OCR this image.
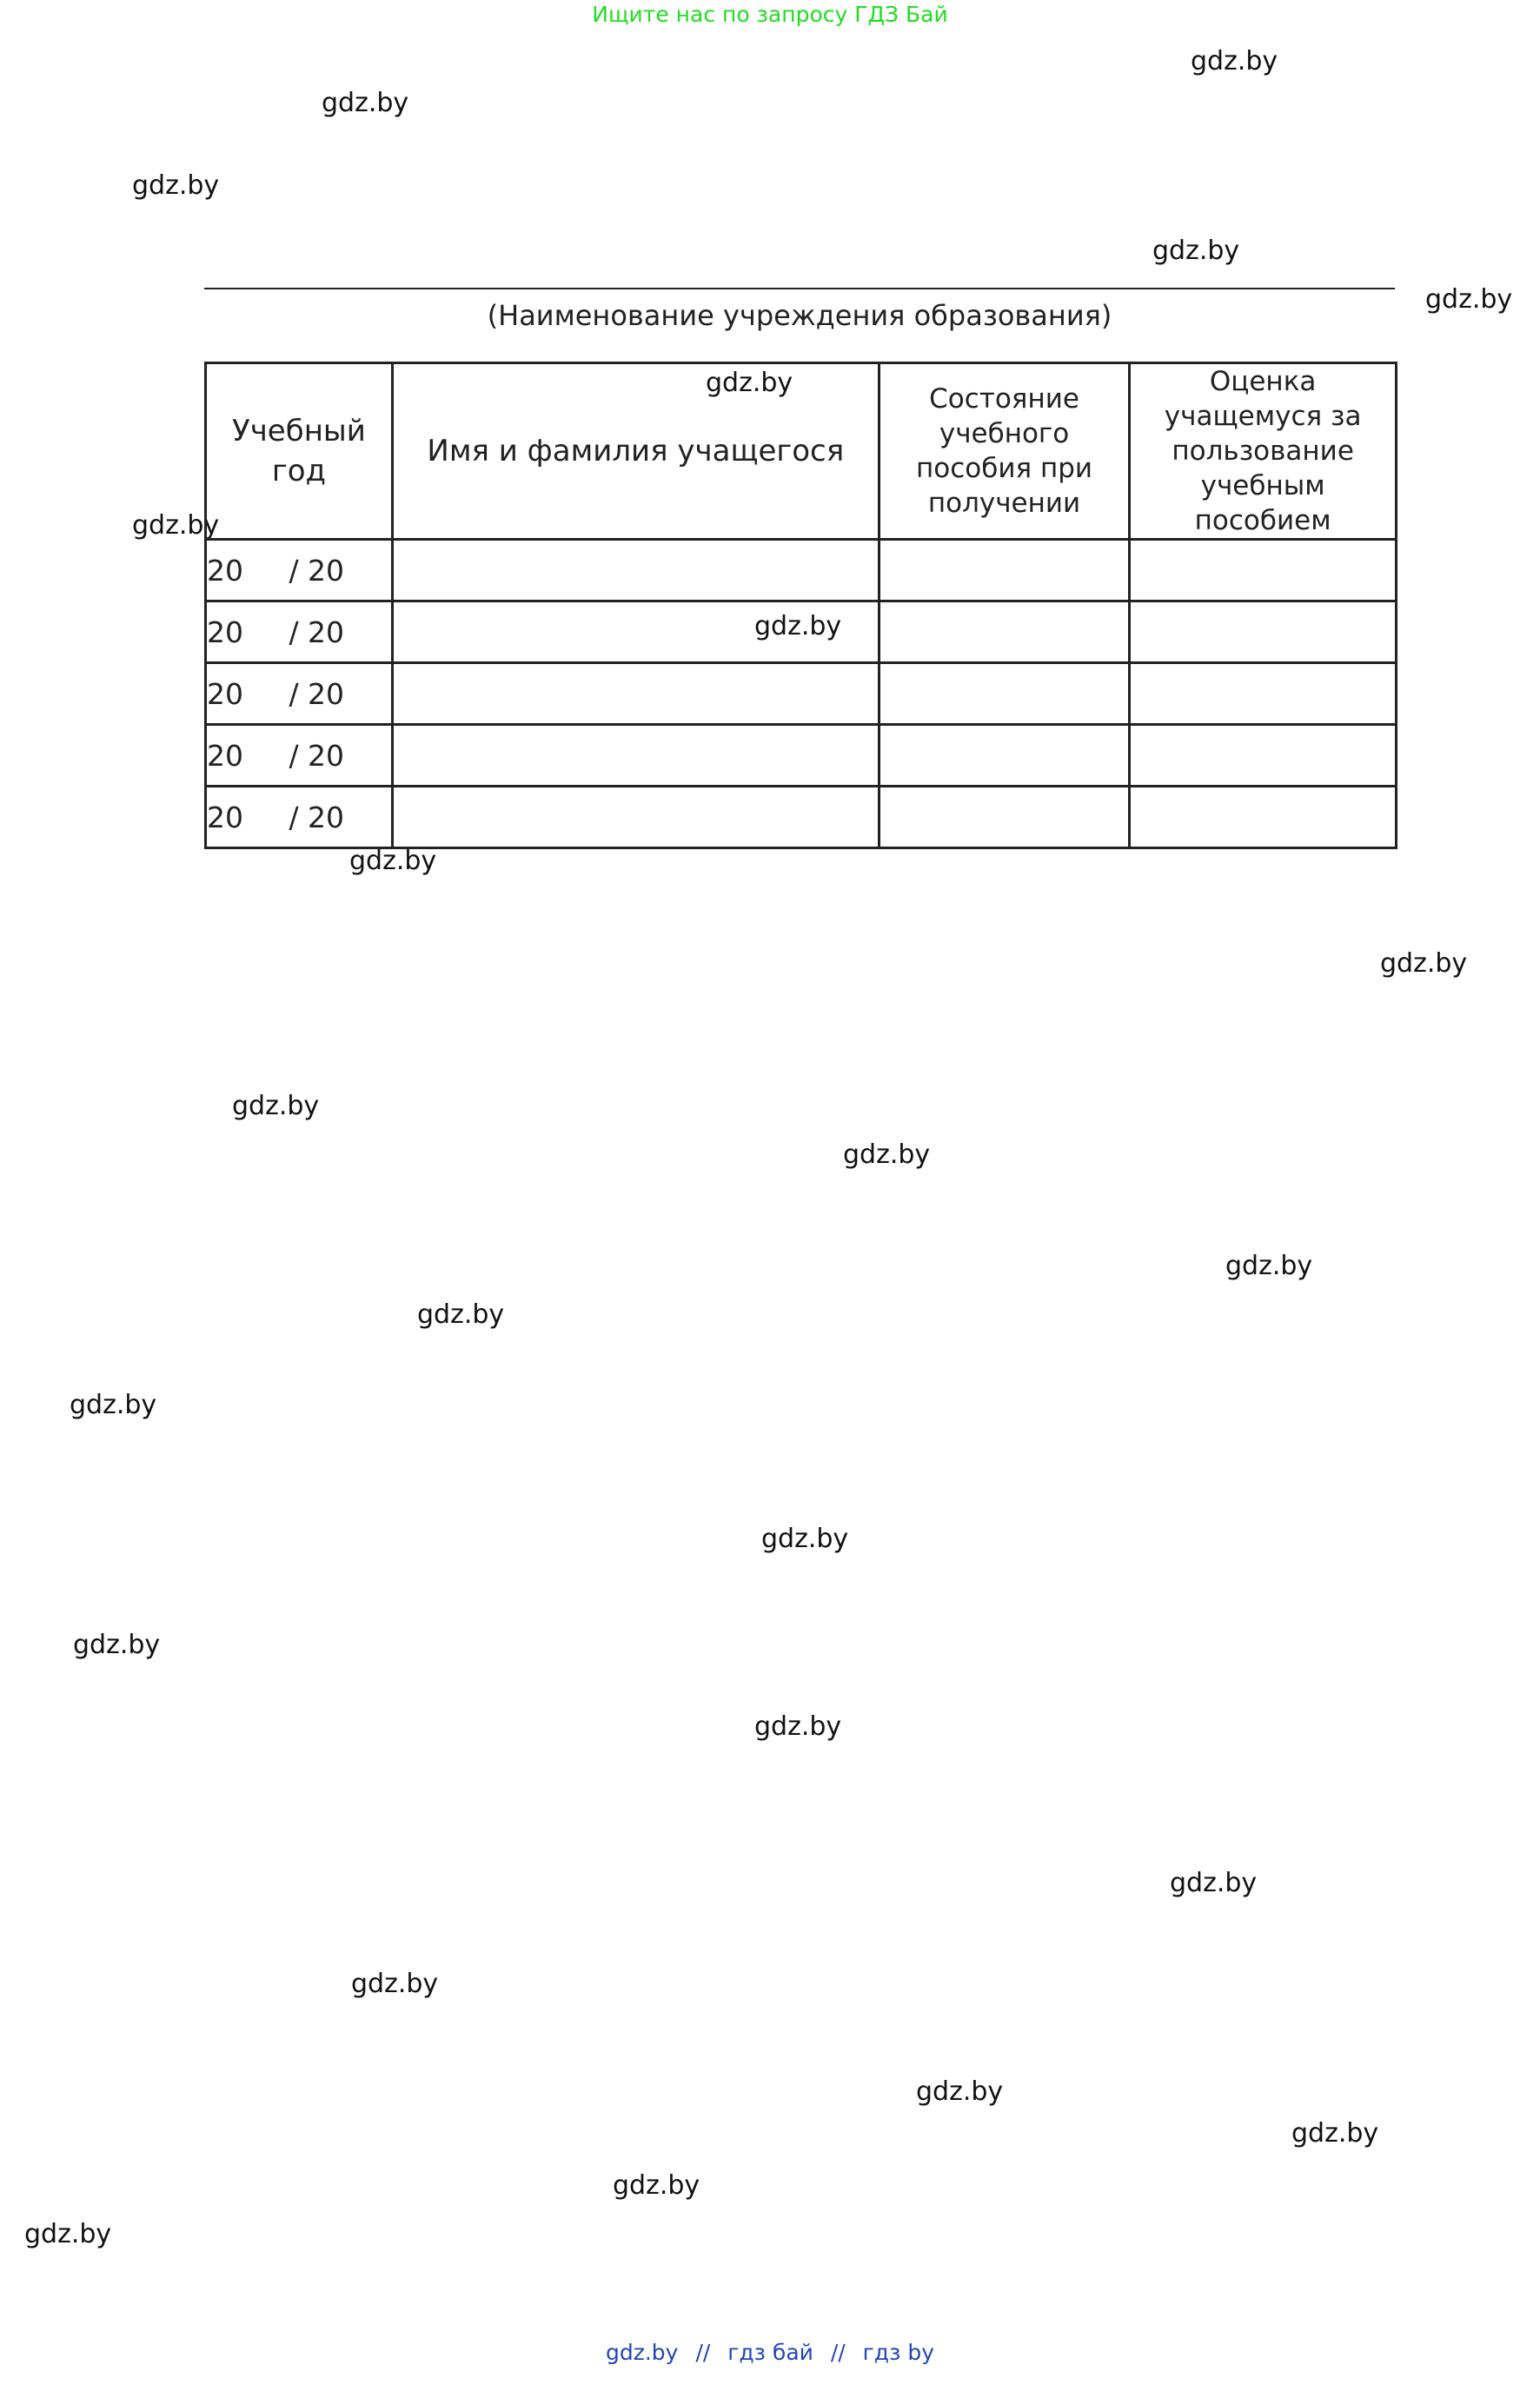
Ищите нас по запросу ГДЗ Бай
gdz.by
gdz.by
gdz.by
gdz.by
gdz.by
gdz.by
gdz.by
gdz.by
gdz.by
gdz.by
gdz.by
gdz.by
gdz.by
gdz.by
gdz.by
gdz.by
gdz.by
gdz.by
gdz.by
gdz.by
gdz.by
gdz.by
gdz.by
gdz.by
(Наименование учреждения образования)
Учебный год	Имя и фамилия учащегося	Состояние учебного пособия при получении	Оценка учащемуся за пользование учебным пособием
20     / 20			
20     / 20			
20     / 20			
20     / 20			
20     / 20			
gdz.by // гдз бай // гдз by
